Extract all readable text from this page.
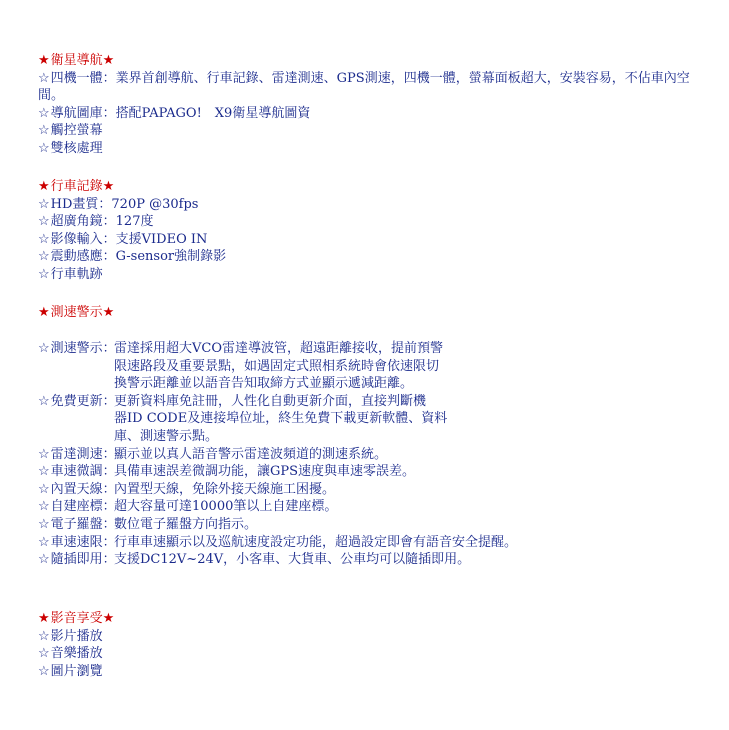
★衛星導航★
☆四機一體：業界首創導航、行車記錄、雷達測速、GPS測速，四機一體，螢幕面板超大，安裝容易，不佔車內空間。
☆導航圖庫：搭配PAPAGO!　X9衛星導航圖資
☆觸控螢幕
☆雙核處理
★行車記錄★
☆HD畫質：720P @30fps
☆超廣角鏡：127度
☆影像輸入：支援VIDEO IN
☆震動感應：G-sensor強制錄影
☆行車軌跡
★測速警示★
☆測速警示：
雷達採用超大VCO雷達導波管，超遠距離接收，提前預警
限速路段及重要景點，如遇固定式照相系統時會依速限切
換警示距離並以語音告知取締方式並顯示遞減距離。
☆免費更新：
更新資料庫免註冊，人性化自動更新介面，直接判斷機
器ID CODE及連接埠位址，終生免費下載更新軟體、資料
庫、測速警示點。
☆雷達測速：
顯示並以真人語音警示雷達波頻道的測速系統。
☆車速微調：
具備車速誤差微調功能，讓GPS速度與車速零誤差。
☆內置天線：
內置型天線，免除外接天線施工困擾。
☆自建座標：
超大容量可達10000筆以上自建座標。
☆電子羅盤：
數位電子羅盤方向指示。
☆車速速限：
行車車速顯示以及巡航速度設定功能，超過設定即會有語音安全提醒。
☆隨插即用：
支援DC12V~24V，小客車、大貨車、公車均可以隨插即用。
★影音享受★
☆影片播放
☆音樂播放
☆圖片瀏覽
